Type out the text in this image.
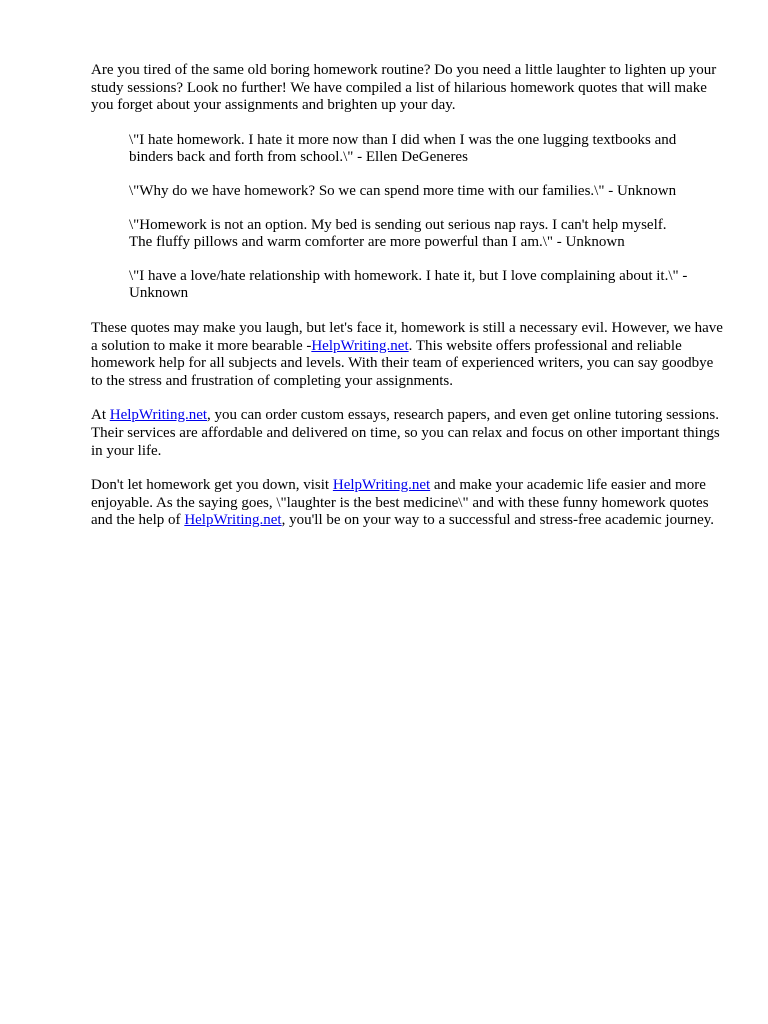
Are you tired of the same old boring homework routine? Do you need a little laughter to lighten up your study sessions? Look no further! We have compiled a list of hilarious homework quotes that will make you forget about your assignments and brighten up your day.

\"I hate homework. I hate it more now than I did when I was the one lugging textbooks and binders back and forth from school.\" - Ellen DeGeneres

\"Why do we have homework? So we can spend more time with our families.\" - Unknown

\"Homework is not an option. My bed is sending out serious nap rays. I can't help myself. The fluffy pillows and warm comforter are more powerful than I am.\" - Unknown

\"I have a love/hate relationship with homework. I hate it, but I love complaining about it.\" - Unknown

These quotes may make you laugh, but let's face it, homework is still a necessary evil. However, we have a solution to make it more bearable -HelpWriting.net. This website offers professional and reliable homework help for all subjects and levels. With their team of experienced writers, you can say goodbye to the stress and frustration of completing your assignments.

At HelpWriting.net, you can order custom essays, research papers, and even get online tutoring sessions. Their services are affordable and delivered on time, so you can relax and focus on other important things in your life.

Don't let homework get you down, visit HelpWriting.net and make your academic life easier and more enjoyable. As the saying goes, \"laughter is the best medicine\" and with these funny homework quotes and the help of HelpWriting.net, you'll be on your way to a successful and stress-free academic journey.
